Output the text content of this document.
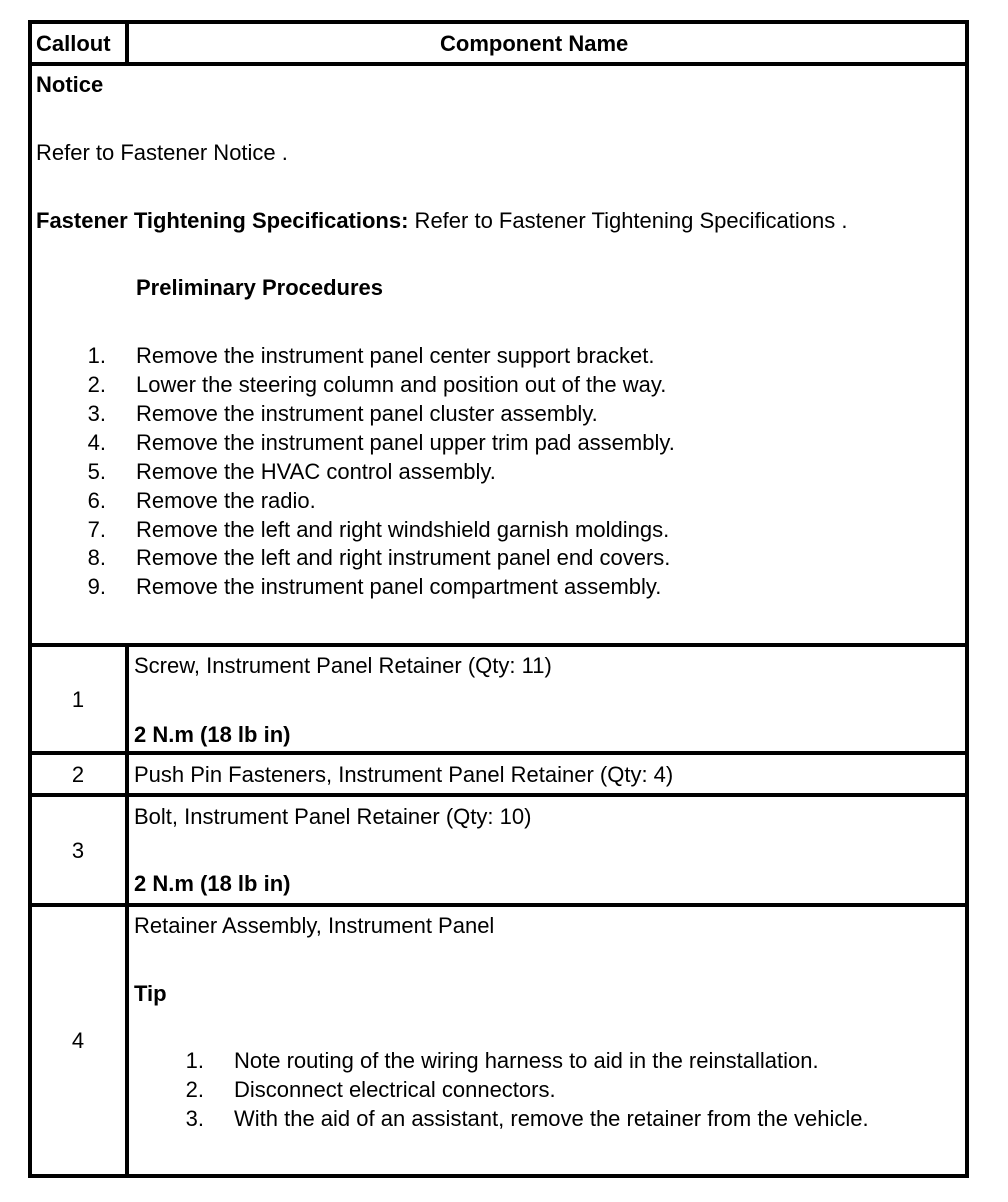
Callout	Component Name
Notice
Refer to Fastener Notice .
Fastener Tightening Specifications: Refer to Fastener Tightening Specifications .
Preliminary Procedures
1. Remove the instrument panel center support bracket.
2. Lower the steering column and position out of the way.
3. Remove the instrument panel cluster assembly.
4. Remove the instrument panel upper trim pad assembly.
5. Remove the HVAC control assembly.
6. Remove the radio.
7. Remove the left and right windshield garnish moldings.
8. Remove the left and right instrument panel end covers.
9. Remove the instrument panel compartment assembly.
1
Screw, Instrument Panel Retainer (Qty: 11)
2 N.m (18 lb in)
2	Push Pin Fasteners, Instrument Panel Retainer (Qty: 4)
3
Bolt, Instrument Panel Retainer (Qty: 10)
2 N.m (18 lb in)
4
Retainer Assembly, Instrument Panel
Tip
1. Note routing of the wiring harness to aid in the reinstallation.
2. Disconnect electrical connectors.
3. With the aid of an assistant, remove the retainer from the vehicle.
